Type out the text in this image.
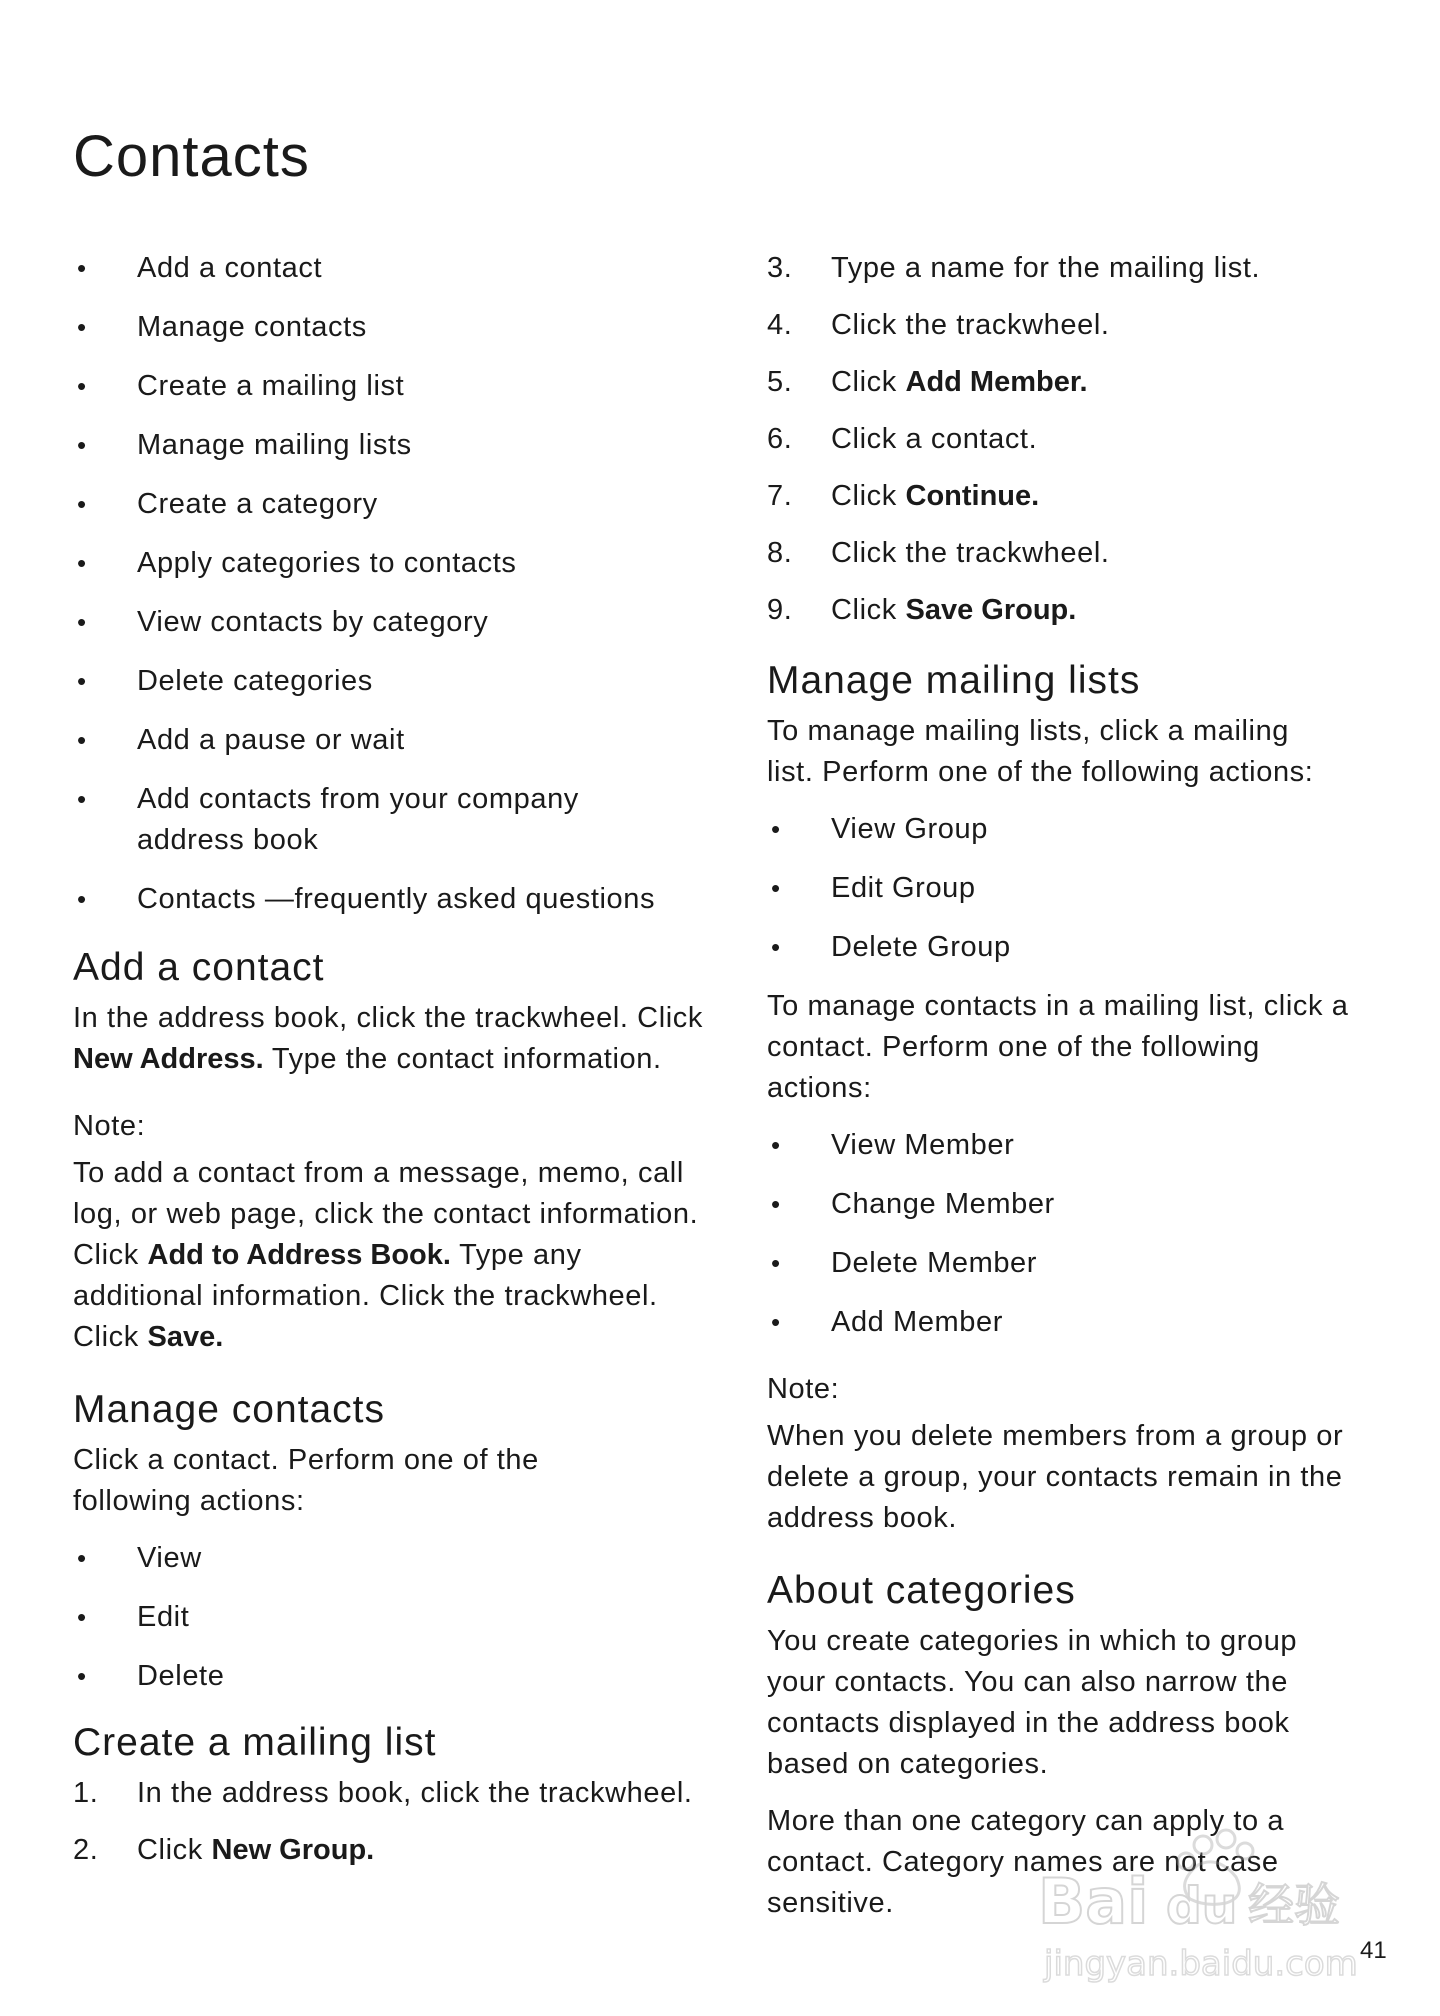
Contacts
• Add a contact
• Manage contacts
• Create a mailing list
• Manage mailing lists
• Create a category
• Apply categories to contacts
• View contacts by category
• Delete categories
• Add a pause or wait
• Add contacts from your company address book
• Contacts —frequently asked questions
Add a contact

In the address book, click the trackwheel. Click New Address. Type the contact information.

Note:

To add a contact from a message, memo, call log, or web page, click the contact information. Click Add to Address Book. Type any additional information. Click the trackwheel. Click Save.

Manage contacts

Click a contact. Perform one of the following actions:

• View
• Edit
• Delete
Create a mailing list
1. In the address book, click the trackwheel.
2. Click New Group.
3. Type a name for the mailing list.
4. Click the trackwheel.
5. Click Add Member.
6. Click a contact.
7. Click Continue.
8. Click the trackwheel.
9. Click Save Group.
Manage mailing lists

To manage mailing lists, click a mailing list. Perform one of the following actions:

• View Group
• Edit Group
• Delete Group

To manage contacts in a mailing list, click a contact. Perform one of the following actions:

• View Member
• Change Member
• Delete Member
• Add Member

Note:

When you delete members from a group or delete a group, your contacts remain in the address book.

About categories

You create categories in which to group your contacts. You can also narrow the contacts displayed in the address book based on categories.

More than one category can apply to a contact. Category names are not case sensitive.	Bai du 经验
jingyan.baidu.com 41
